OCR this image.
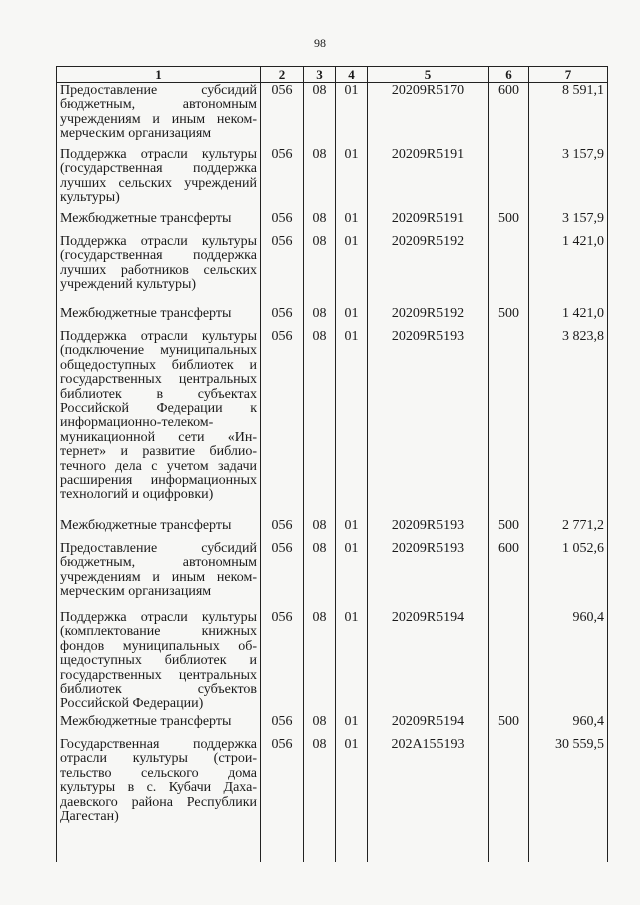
98
1	2	3	4	5	6	7
Предоставление субсидий бюджетным, автономным учреждениям и иным некоммерческим организациям	056	08	01	20209R5170	600	8 591,1
Поддержка отрасли культуры (государственная поддержка лучших сельских учреждений культуры)	056	08	01	20209R5191		3 157,9
Межбюджетные трансферты	056	08	01	20209R5191	500	3 157,9
Поддержка отрасли культуры (государственная поддержка лучших работников сельских учреждений культуры)	056	08	01	20209R5192		1 421,0
Межбюджетные трансферты	056	08	01	20209R5192	500	1 421,0
Поддержка отрасли культуры (подключение муниципальных общедоступных библиотек и государственных центральных библиотек в субъектах Российской Федерации к информационно-телекоммуникационной сети «Интернет» и развитие библиотечного дела с учетом задачи расширения информационных технологий и оцифровки)	056	08	01	20209R5193		3 823,8
Межбюджетные трансферты	056	08	01	20209R5193	500	2 771,2
Предоставление субсидий бюджетным, автономным учреждениям и иным некоммерческим организациям	056	08	01	20209R5193	600	1 052,6
Поддержка отрасли культуры (комплектование книжных фондов муниципальных общедоступных библиотек и государственных центральных библиотек субъектов Российской Федерации)	056	08	01	20209R5194		960,4
Межбюджетные трансферты	056	08	01	20209R5194	500	960,4
Государственная поддержка отрасли культуры (строительство сельского дома культуры в с. Кубачи Дахадаевского района Республики Дагестан)	056	08	01	202A155193		30 559,5
